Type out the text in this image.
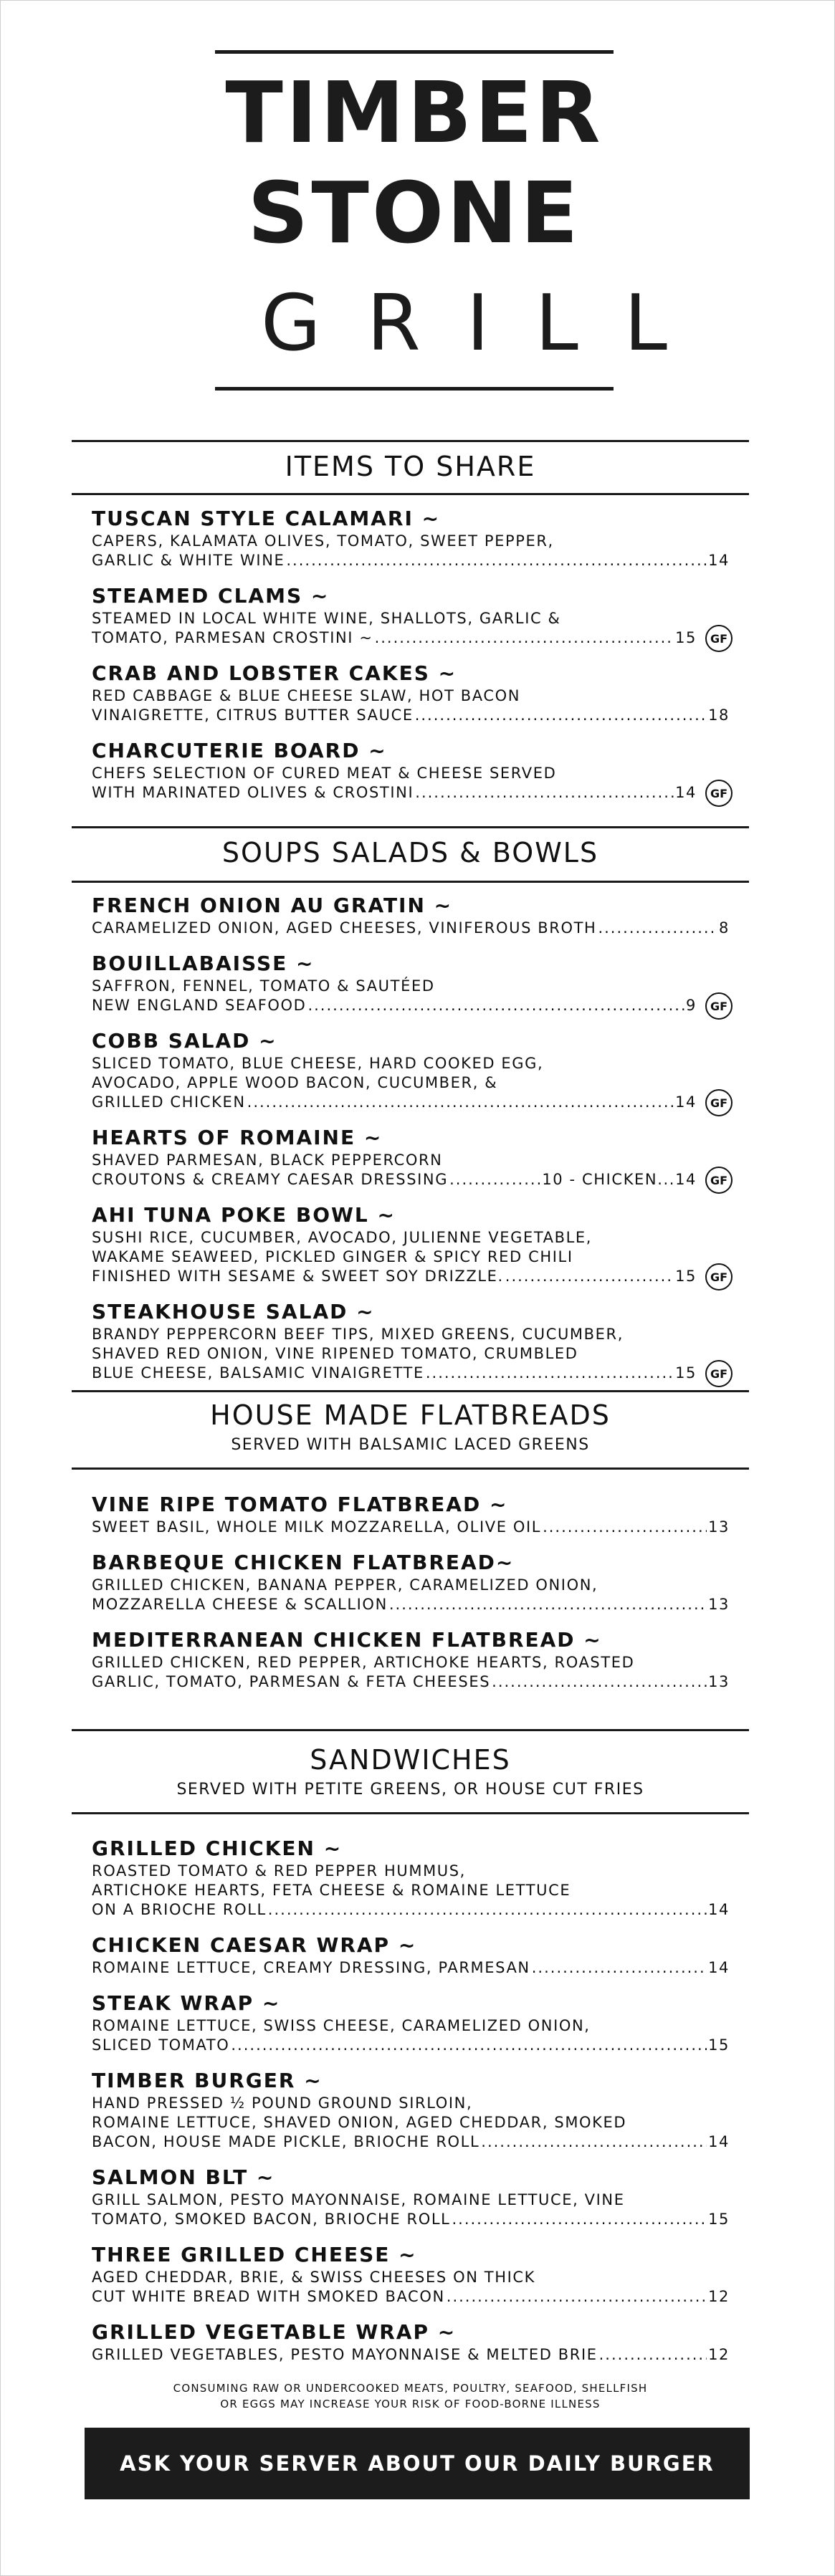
TIMBER
STONE
GRILL
ITEMS TO SHARE
TUSCAN STYLE CALAMARI ~
CAPERS, KALAMATA OLIVES, TOMATO, SWEET PEPPER,
GARLIC & WHITE WINE .....	14
STEAMED CLAMS ~
STEAMED IN LOCAL WHITE WINE, SHALLOTS, GARLIC &
TOMATO, PARMESAN CROSTINI ~ .....	15	GF
CRAB AND LOBSTER CAKES ~
RED CABBAGE & BLUE CHEESE SLAW, HOT BACON
VINAIGRETTE, CITRUS BUTTER SAUCE .....	18
CHARCUTERIE BOARD ~
CHEFS SELECTION OF CURED MEAT & CHEESE SERVED
WITH MARINATED OLIVES & CROSTINI .....	14	GF
SOUPS SALADS & BOWLS
FRENCH ONION AU GRATIN ~
CARAMELIZED ONION, AGED CHEESES, VINIFEROUS BROTH .....	8
BOUILLABAISSE ~
SAFFRON, FENNEL, TOMATO & SAUTÉED
NEW ENGLAND SEAFOOD .....	9	GF
COBB SALAD ~
SLICED TOMATO, BLUE CHEESE, HARD COOKED EGG,
AVOCADO, APPLE WOOD BACON, CUCUMBER, &
GRILLED CHICKEN .....	14	GF
HEARTS OF ROMAINE ~
SHAVED PARMESAN, BLACK PEPPERCORN
CROUTONS & CREAMY CAESAR DRESSING .....	10 - CHICKEN...14	GF
AHI TUNA POKE BOWL ~
SUSHI RICE, CUCUMBER, AVOCADO, JULIENNE VEGETABLE,
WAKAME SEAWEED, PICKLED GINGER & SPICY RED CHILI
FINISHED WITH SESAME & SWEET SOY DRIZZLE. .....	15	GF
STEAKHOUSE SALAD ~
BRANDY PEPPERCORN BEEF TIPS, MIXED GREENS, CUCUMBER,
SHAVED RED ONION, VINE RIPENED TOMATO, CRUMBLED
BLUE CHEESE, BALSAMIC VINAIGRETTE .....	15	GF
HOUSE MADE FLATBREADS
SERVED WITH BALSAMIC LACED GREENS
VINE RIPE TOMATO FLATBREAD ~
SWEET BASIL, WHOLE MILK MOZZARELLA, OLIVE OIL .....	13
BARBEQUE CHICKEN FLATBREAD~
GRILLED CHICKEN, BANANA PEPPER, CARAMELIZED ONION,
MOZZARELLA CHEESE & SCALLION .....	13
MEDITERRANEAN CHICKEN FLATBREAD ~
GRILLED CHICKEN, RED PEPPER, ARTICHOKE HEARTS, ROASTED
GARLIC, TOMATO, PARMESAN & FETA CHEESES .....	13
SANDWICHES
SERVED WITH PETITE GREENS, OR HOUSE CUT FRIES
GRILLED CHICKEN ~
ROASTED TOMATO & RED PEPPER HUMMUS,
ARTICHOKE HEARTS, FETA CHEESE & ROMAINE LETTUCE
ON A BRIOCHE ROLL .....	14
CHICKEN CAESAR WRAP ~
ROMAINE LETTUCE, CREAMY DRESSING, PARMESAN .....	14
STEAK WRAP ~
ROMAINE LETTUCE, SWISS CHEESE, CARAMELIZED ONION,
SLICED TOMATO .....	15
TIMBER BURGER ~
HAND PRESSED ½ POUND GROUND SIRLOIN,
ROMAINE LETTUCE, SHAVED ONION, AGED CHEDDAR, SMOKED
BACON, HOUSE MADE PICKLE, BRIOCHE ROLL .....	14
SALMON BLT ~
GRILL SALMON, PESTO MAYONNAISE, ROMAINE LETTUCE, VINE
TOMATO, SMOKED BACON, BRIOCHE ROLL .....	15
THREE GRILLED CHEESE ~
AGED CHEDDAR, BRIE, & SWISS CHEESES ON THICK
CUT WHITE BREAD WITH SMOKED BACON .....	12
GRILLED VEGETABLE WRAP ~
GRILLED VEGETABLES, PESTO MAYONNAISE & MELTED BRIE .....	12
CONSUMING RAW OR UNDERCOOKED MEATS, POULTRY, SEAFOOD, SHELLFISH
OR EGGS MAY INCREASE YOUR RISK OF FOOD-BORNE ILLNESS
ASK YOUR SERVER ABOUT OUR DAILY BURGER FEATURE
